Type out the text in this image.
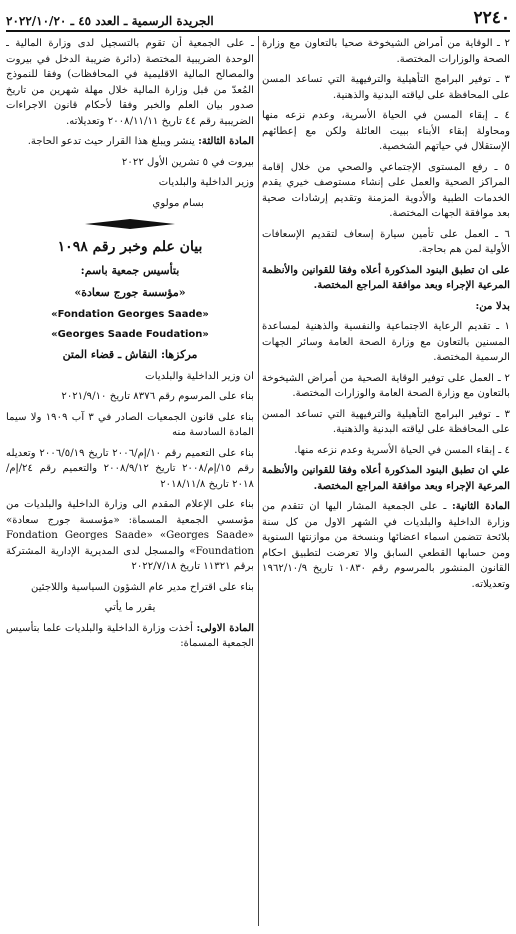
٢٢٤٠
الجريدة الرسمية ـ العدد ٤٥ ـ ٢٠٢٢/١٠/٢٠

٢ ـ الوقاية من أمراض الشيخوخة صحيا بالتعاون مع وزارة الصحة والوزارات المختصة.

٣ ـ توفير البرامج التأهيلية والترفيهية التي تساعد المسن على المحافظة على لياقته البدنية والذهنية.

٤ ـ إبقاء المسن في الحياة الأسرية، وعدم نزعه منها ومحاولة إبقاء الأبناء ببيت العائلة ولكن مع إعطائهم الإستقلال في حياتهم الشخصية.

٥ ـ رفع المستوى الإجتماعي والصحي من خلال إقامة المراكز الصحية والعمل على إنشاء مستوصف خيري يقدم الخدمات الطبية والأدوية المزمنة وتقديم إرشادات صحية بعد موافقة الجهات المختصة.

٦ ـ العمل على تأمين سيارة إسعاف لتقديم الإسعافات الأولية لمن هم بحاجة.

على ان تطبق البنود المذكورة أعلاه وفقا للقوانين والأنظمة المرعية الإجراء وبعد موافقة المراجع المختصة.

بدلا من:

١ ـ تقديم الرعاية الاجتماعية والنفسية والذهنية لمساعدة المسنين بالتعاون مع وزارة الصحة العامة وسائر الجهات الرسمية المختصة.

٢ ـ العمل على توفير الوقاية الصحية من أمراض الشيخوخة بالتعاون مع وزارة الصحة العامة والوزارات المختصة.

٣ ـ توفير البرامج التأهيلية والترفيهية التي تساعد المسن على المحافظة على لياقته البدنية والذهنية.

٤ ـ إبقاء المسن في الحياة الأسرية وعدم نزعه منها.

علي ان تطبق البنود المذكورة أعلاه وفقا للقوانين والأنظمة المرعية الإجراء وبعد موافقة المراجع المختصة.

المادة الثانية: ـ على الجمعية المشار اليها ان تتقدم من وزارة الداخلية والبلديات في الشهر الاول من كل سنة بلائحة تتضمن اسماء اعضائها وبنسخة من موازنتها السنوية ومن حسابها القطعي السابق والا تعرضت لتطبيق احكام القانون المنشور بالمرسوم رقم ١٠٨٣٠ تاريخ ١٩٦٢/١٠/٩ وتعديلاته.

ـ على الجمعية أن تقوم بالتسجيل لدى وزارة المالية ـ الوحدة الضريبية المختصة (دائرة ضريبة الدخل في بيروت والمصالح المالية الاقليمية في المحافظات) وفقا للنموذج المُعدّ من قبل وزارة المالية خلال مهلة شهرين من تاريخ صدور بيان العلم والخبر وفقا لأحكام قانون الاجراءات الضريبية رقم ٤٤ تاريخ ٢٠٠٨/١١/١١ وتعديلاته.

المادة الثالثة: ينشر ويبلغ هذا القرار حيث تدعو الحاجة.

بيروت في ٥ تشرين الأول ٢٠٢٢

وزير الداخلية والبلديات

بسام مولوي

بيان علم وخبر رقم ١٠٩٨

بتأسيس جمعية باسم:

«مؤسسة جورج سعادة»

«Fondation Georges Saade»

«Georges Saade Foudation»

مركزها: النقاش ـ قضاء المتن

ان وزير الداخلية والبلديات

بناء على المرسوم رقم ٨٣٧٦ تاريخ ٢٠٢١/٩/١٠

بناء على قانون الجمعيات الصادر في ٣ آب ١٩٠٩ ولا سيما المادة السادسة منه

بناء على التعميم رقم ١٠/إم/٢٠٠٦ تاريخ ٢٠٠٦/٥/١٩ وتعديله رقم ١٥/إم/٢٠٠٨ تاريخ ٢٠٠٨/٩/١٢ والتعميم رقم ٢٤/إم/٢٠١٨ تاريخ ٢٠١٨/١١/٨

بناء على الإعلام المقدم الى وزارة الداخلية والبلديات من مؤسسي الجمعية المسماة: «مؤسسة جورج سعادة» «Fondation Georges Saade» «Georges Saade Foundation» والمسجل لدى المديرية الإدارية المشتركة برقم ١١٣٢١ تاريخ ٢٠٢٢/٧/١٨

بناء على اقتراح مدير عام الشؤون السياسية واللاجئين

يقرر ما يأتي

المادة الاولى: أخذت وزارة الداخلية والبلديات علما بتأسيس الجمعية المسماة:
